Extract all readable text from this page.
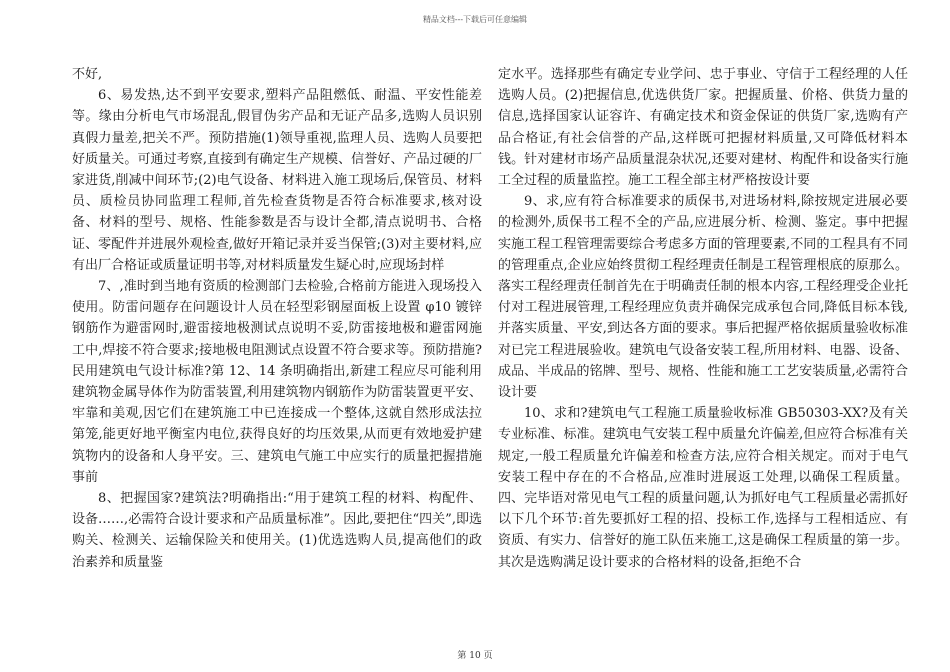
精品文档---下载后可任意编辑

不好,

6、易发热,达不到平安要求,塑料产品阻燃低、耐温、平安性能差等。缘由分析电气市场混乱,假冒伪劣产品和无证产品多,选购人员识别真假力量差,把关不严。预防措施(1)领导重视,监理人员、选购人员要把好质量关。可通过考察,直接到有确定生产规模、信誉好、产品过硬的厂家进货,削减中间环节;(2)电气设备、材料进入施工现场后,保管员、材料员、质检员协同监理工程师,首先检查货物是否符合标准要求,核对设备、材料的型号、规格、性能参数是否与设计全都,清点说明书、合格证、零配件并进展外观检查,做好开箱记录并妥当保管;(3)对主要材料,应有出厂合格证或质量证明书等,对材料质量发生疑心时,应现场封样

7、,准时到当地有资质的检测部门去检验,合格前方能进入现场投入使用。防雷问题存在问题设计人员在轻型彩钢屋面板上设置 φ10 镀锌钢筋作为避雷网时,避雷接地极测试点说明不妥,防雷接地极和避雷网施工中,焊接不符合要求;接地极电阻测试点设置不符合要求等。预防措施?民用建筑电气设计标准?第 12、14 条明确指出,新建工程应尽可能利用建筑物金属导体作为防雷装置,利用建筑物内钢筋作为防雷装置更平安、牢靠和美观,因它们在建筑施工中已连接成一个整体,这就自然形成法拉第笼,能更好地平衡室内电位,获得良好的均压效果,从而更有效地爱护建筑物内的设备和人身平安。三、建筑电气施工中应实行的质量把握措施事前

8、把握国家?建筑法?明确指出:“用于建筑工程的材料、构配件、设备……,必需符合设计要求和产品质量标准”。因此,要把住“四关”,即选购关、检测关、运输保险关和使用关。(1)优选选购人员,提高他们的政治素养和质量鉴

定水平。选择那些有确定专业学问、忠于事业、守信于工程经理的人任选购人员。(2)把握信息,优选供货厂家。把握质量、价格、供货力量的信息,选择国家认证容许、有确定技术和资金保证的供货厂家,选购有产品合格证,有社会信誉的产品,这样既可把握材料质量,又可降低材料本钱。针对建材市场产品质量混杂状况,还要对建材、构配件和设备实行施工全过程的质量监控。施工工程全部主材严格按设计要

9、求,应有符合标准要求的质保书,对进场材料,除按规定进展必要的检测外,质保书工程不全的产品,应进展分析、检测、鉴定。事中把握实施工程工程管理需要综合考虑多方面的管理要素,不同的工程具有不同的管理重点,企业应始终贯彻工程经理责任制是工程管理根底的原那么。落实工程经理责任制首先在于明确责任制的根本内容,工程经理受企业托付对工程进展管理,工程经理应负责并确保完成承包合同,降低目标本钱,并落实质量、平安,到达各方面的要求。事后把握严格依据质量验收标准对已完工程进展验收。建筑电气设备安装工程,所用材料、电器、设备、成品、半成品的铭牌、型号、规格、性能和施工工艺安装质量,必需符合设计要

10、求和?建筑电气工程施工质量验收标准 GB50303-XX?及有关专业标准、标准。建筑电气安装工程中质量允许偏差,但应符合标准有关规定,一般工程质量允许偏差和检查方法,应符合相关规定。而对于电气安装工程中存在的不合格品,应准时进展返工处理,以确保工程质量。四、完毕语对常见电气工程的质量问题,认为抓好电气工程质量必需抓好以下几个环节:首先要抓好工程的招、投标工作,选择与工程相适应、有资质、有实力、信誉好的施工队伍来施工,这是确保工程质量的第一步。其次是选购满足设计要求的合格材料的设备,拒绝不合

第 10 页
